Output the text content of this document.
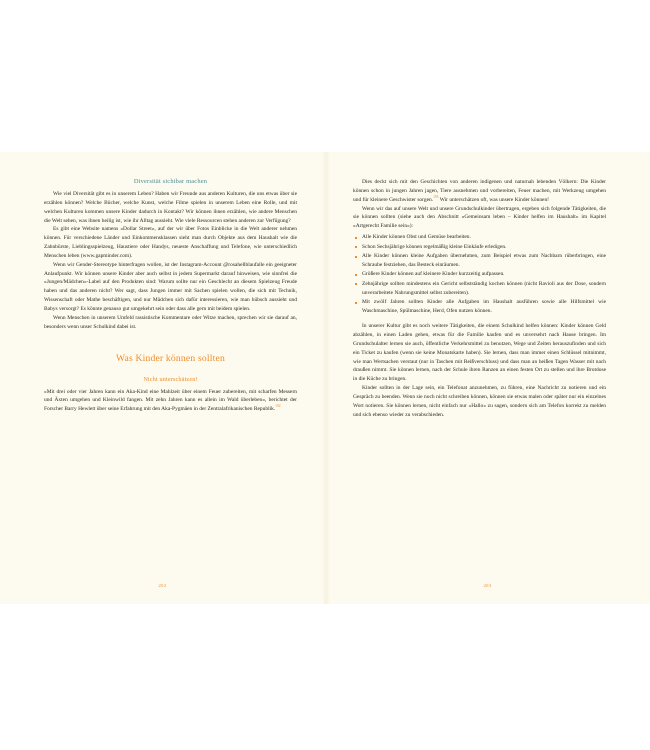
Diversität sichtbar machen

Wie viel Diversität gibt es in unserem Leben? Haben wir Freunde aus anderen Kulturen, die uns etwas über sie erzählen können? Welche Bücher, welche Kunst, welche Filme spielen in unserem Leben eine Rolle, und mit welchen Kulturen kommen unsere Kinder dadurch in Kontakt? Wir können ihnen erzählen, wie andere Menschen die Welt sehen, was ihnen heilig ist, wie ihr Alltag aussieht. Wie viele Ressourcen stehen anderen zur Verfügung?

Es gibt eine Website namens »Dollar Street«, auf der wir über Fotos Einblicke in die Welt anderer nehmen können. Für verschiedene Länder und Einkommensklassen sieht man durch Objekte aus dem Haushalt wie die Zahnbürste, Lieblingsspielzeug, Haustiere oder Handys, neueste Anschaffung und Telefone, wie unterschiedlich Menschen leben (www.gapminder.com).

Wenn wir Gender-Stereotype hinterfragen wollen, ist der Instagram-Account @rosahellblaufalle ein geeigneter Anlaufpunkt. Wir können unsere Kinder aber auch selbst in jedem Supermarkt darauf hinweisen, wie sinnfrei die »Jungen/Mädchen«-Label auf den Produkten sind: Warum sollte nur ein Geschlecht an diesem Spielzeug Freude haben und das anderen nicht? Wer sagt, dass Jungen immer mit Sachen spielen wollen, die sich mit Technik, Wissenschaft oder Mathe beschäftigen, und nur Mädchen sich dafür interessieren, wie man hübsch aussieht und Babys versorgt? Es könnte genauso gut umgekehrt sein oder dass alle gern mit beidem spielen.

Wenn Menschen in unserem Umfeld rassistische Kommentare oder Witze machen, sprechen wir sie darauf an, besonders wenn unser Schulkind dabei ist.

Was Kinder können sollten
Nicht unterschätzen!

»Mit drei oder vier Jahren kann ein Aka-Kind eine Mahlzeit über einem Feuer zubereiten, mit scharfen Messern und Äxten umgehen und Kleinwild fangen. Mit zehn Jahren kann es allein im Wald überleben«, berichtet der Forscher Barry Hewlett über seine Erfahrung mit den Aka-Pygmäen in der Zentralafrikanischen Republik.$^{192}$

202

Dies deckt sich mit den Geschichten von anderen indigenen und naturnah lebenden Völkern: Die Kinder können schon in jungen Jahren jagen, Tiere ausnehmen und vorbereiten, Feuer machen, mit Werkzeug umgehen und für kleinere Geschwister sorgen.$^{193}$ Wir unterschätzen oft, was unsere Kinder können!

Wenn wir das auf unsere Welt und unsere Grundschulkinder übertragen, ergeben sich folgende Tätigkeiten, die sie können sollten (siehe auch den Abschnitt »Gemeinsam leben – Kinder helfen im Haushalt« im Kapitel »Artgerecht Familie sein«):

Alle Kinder können Obst und Gemüse bearbeiten.
Schon Sechsjährige können regelmäßig kleine Einkäufe erledigen.
Alle Kinder können kleine Aufgaben übernehmen, zum Beispiel etwas zum Nachbarn rüberbringen, eine Schraube festziehen, das Besteck einräumen.
Größere Kinder können auf kleinere Kinder kurzzeitig aufpassen.
Zehnjährige sollten mindestens ein Gericht selbstständig kochen können (nicht Ravioli aus der Dose, sondern unverarbeitete Nahrungsmittel selbst zubereiten).
Mit zwölf Jahren sollten Kinder alle Aufgaben im Haushalt ausführen sowie alle Hilfsmittel wie Waschmaschine, Spülmaschine, Herd, Ofen nutzen können.

In unserer Kultur gibt es noch weitere Tätigkeiten, die einem Schulkind helfen können: Kinder können Geld abzählen, in einen Laden gehen, etwas für die Familie kaufen und es unversehrt nach Hause bringen. Im Grundschulalter lernen sie auch, öffentliche Verkehrsmittel zu benutzen, Wege und Zeiten herauszufinden und sich ein Ticket zu kaufen (wenn sie keine Monatskarte haben). Sie lernen, dass man immer einen Schlüssel mitnimmt, wie man Wertsachen verstaut (nur in Taschen mit Reißverschluss) und dass man an heißen Tagen Wasser mit nach draußen nimmt. Sie können lernen, nach der Schule ihren Ranzen an einen festen Ort zu stellen und ihre Brotdose in die Küche zu bringen.

Kinder sollten in der Lage sein, ein Telefonat anzunehmen, zu führen, eine Nachricht zu notieren und ein Gespräch zu beenden. Wenn sie noch nicht schreiben können, können sie etwas malen oder später nur ein einzelnes Wort notieren. Sie können lernen, nicht einfach nur »Hallo« zu sagen, sondern sich am Telefon korrekt zu melden und sich ebenso wieder zu verabschieden.

203
